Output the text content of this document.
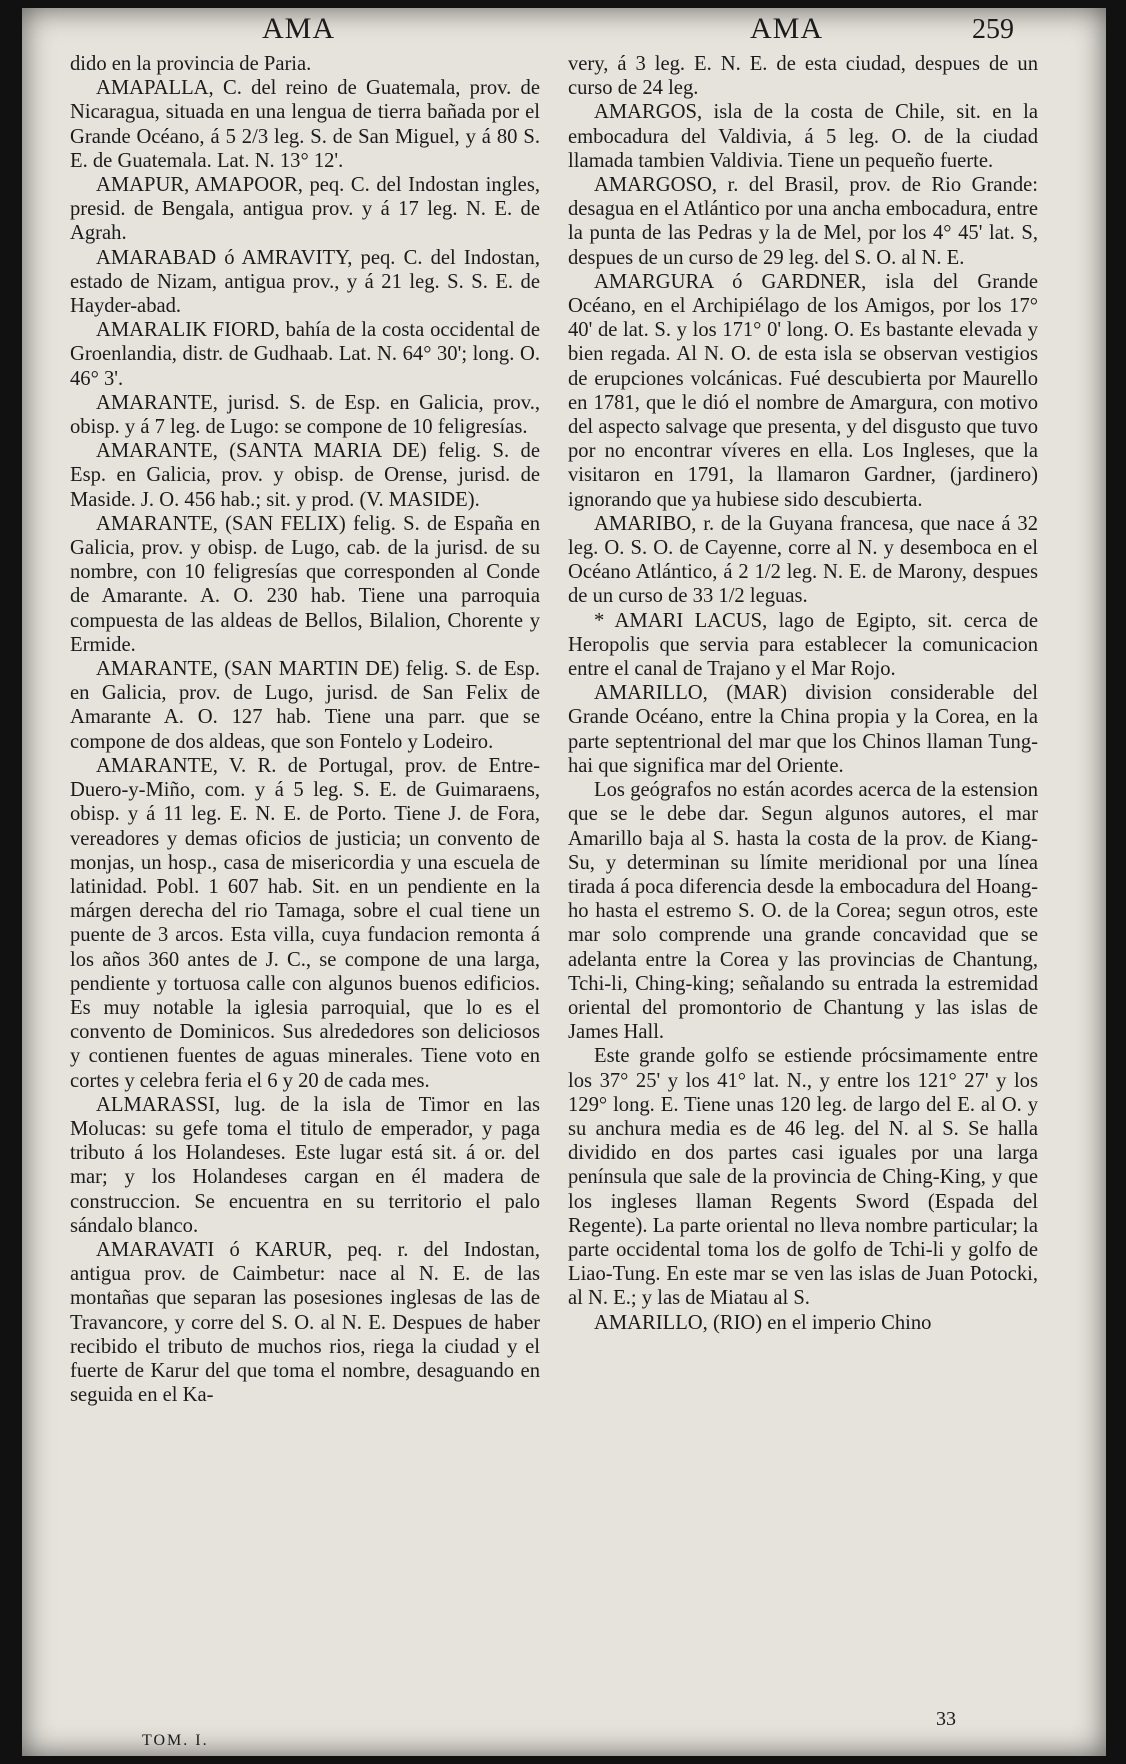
AMA	AMA	259

dido en la provincia de Paria.

AMAPALLA, C. del reino de Guatemala, prov. de Nicaragua, situada en una lengua de tierra bañada por el Grande Océano, á 5 2/3 leg. S. de San Miguel, y á 80 S. E. de Guatemala. Lat. N. 13° 12'.

AMAPUR, AMAPOOR, peq. C. del Indostan ingles, presid. de Bengala, antigua prov. y á 17 leg. N. E. de Agrah.

AMARABAD ó AMRAVITY, peq. C. del Indostan, estado de Nizam, antigua prov., y á 21 leg. S. S. E. de Hayder-abad.

AMARALIK FIORD, bahía de la costa occidental de Groenlandia, distr. de Gudhaab. Lat. N. 64° 30'; long. O. 46° 3'.

AMARANTE, jurisd. S. de Esp. en Galicia, prov., obisp. y á 7 leg. de Lugo: se compone de 10 feligresías.

AMARANTE, (SANTA MARIA DE) felig. S. de Esp. en Galicia, prov. y obisp. de Orense, jurisd. de Maside. J. O. 456 hab.; sit. y prod. (V. MASIDE).

AMARANTE, (SAN FELIX) felig. S. de España en Galicia, prov. y obisp. de Lugo, cab. de la jurisd. de su nombre, con 10 feligresías que corresponden al Conde de Amarante. A. O. 230 hab. Tiene una parroquia compuesta de las aldeas de Bellos, Bilalion, Chorente y Ermide.

AMARANTE, (SAN MARTIN DE) felig. S. de Esp. en Galicia, prov. de Lugo, jurisd. de San Felix de Amarante A. O. 127 hab. Tiene una parr. que se compone de dos aldeas, que son Fontelo y Lodeiro.

AMARANTE, V. R. de Portugal, prov. de Entre-Duero-y-Miño, com. y á 5 leg. S. E. de Guimaraens, obisp. y á 11 leg. E. N. E. de Porto. Tiene J. de Fora, vereadores y demas oficios de justicia; un convento de monjas, un hosp., casa de misericordia y una escuela de latinidad. Pobl. 1 607 hab. Sit. en un pendiente en la márgen derecha del rio Tamaga, sobre el cual tiene un puente de 3 arcos. Esta villa, cuya fundacion remonta á los años 360 antes de J. C., se compone de una larga, pendiente y tortuosa calle con algunos buenos edificios. Es muy notable la iglesia parroquial, que lo es el convento de Dominicos. Sus alrededores son deliciosos y contienen fuentes de aguas minerales. Tiene voto en cortes y celebra feria el 6 y 20 de cada mes.

ALMARASSI, lug. de la isla de Timor en las Molucas: su gefe toma el titulo de emperador, y paga tributo á los Holandeses. Este lugar está sit. á or. del mar; y los Holandeses cargan en él madera de construccion. Se encuentra en su territorio el palo sándalo blanco.

AMARAVATI ó KARUR, peq. r. del Indostan, antigua prov. de Caimbetur: nace al N. E. de las montañas que separan las posesiones inglesas de las de Travancore, y corre del S. O. al N. E. Despues de haber recibido el tributo de muchos rios, riega la ciudad y el fuerte de Karur del que toma el nombre, desaguando en seguida en el Ka-

very, á 3 leg. E. N. E. de esta ciudad, despues de un curso de 24 leg.

AMARGOS, isla de la costa de Chile, sit. en la embocadura del Valdivia, á 5 leg. O. de la ciudad llamada tambien Valdivia. Tiene un pequeño fuerte.

AMARGOSO, r. del Brasil, prov. de Rio Grande: desagua en el Atlántico por una ancha embocadura, entre la punta de las Pedras y la de Mel, por los 4° 45' lat. S, despues de un curso de 29 leg. del S. O. al N. E.

AMARGURA ó GARDNER, isla del Grande Océano, en el Archipiélago de los Amigos, por los 17° 40' de lat. S. y los 171° 0' long. O. Es bastante elevada y bien regada. Al N. O. de esta isla se observan vestigios de erupciones volcánicas. Fué descubierta por Maurello en 1781, que le dió el nombre de Amargura, con motivo del aspecto salvage que presenta, y del disgusto que tuvo por no encontrar víveres en ella. Los Ingleses, que la visitaron en 1791, la llamaron Gardner, (jardinero) ignorando que ya hubiese sido descubierta.

AMARIBO, r. de la Guyana francesa, que nace á 32 leg. O. S. O. de Cayenne, corre al N. y desemboca en el Océano Atlántico, á 2 1/2 leg. N. E. de Marony, despues de un curso de 33 1/2 leguas.

* AMARI LACUS, lago de Egipto, sit. cerca de Heropolis que servia para establecer la comunicacion entre el canal de Trajano y el Mar Rojo.

AMARILLO, (MAR) division considerable del Grande Océano, entre la China propia y la Corea, en la parte septentrional del mar que los Chinos llaman Tung-hai que significa mar del Oriente.

Los geógrafos no están acordes acerca de la estension que se le debe dar. Segun algunos autores, el mar Amarillo baja al S. hasta la costa de la prov. de Kiang-Su, y determinan su límite meridional por una línea tirada á poca diferencia desde la embocadura del Hoang-ho hasta el estremo S. O. de la Corea; segun otros, este mar solo comprende una grande concavidad que se adelanta entre la Corea y las provincias de Chantung, Tchi-li, Ching-king; señalando su entrada la estremidad oriental del promontorio de Chantung y las islas de James Hall.

Este grande golfo se estiende prócsimamente entre los 37° 25' y los 41° lat. N., y entre los 121° 27' y los 129° long. E. Tiene unas 120 leg. de largo del E. al O. y su anchura media es de 46 leg. del N. al S. Se halla dividido en dos partes casi iguales por una larga península que sale de la provincia de Ching-King, y que los ingleses llaman Regents Sword (Espada del Regente). La parte oriental no lleva nombre particular; la parte occidental toma los de golfo de Tchi-li y golfo de Liao-Tung. En este mar se ven las islas de Juan Potocki, al N. E.; y las de Miatau al S.

AMARILLO, (RIO) en el imperio Chino

TOM. I.
33
